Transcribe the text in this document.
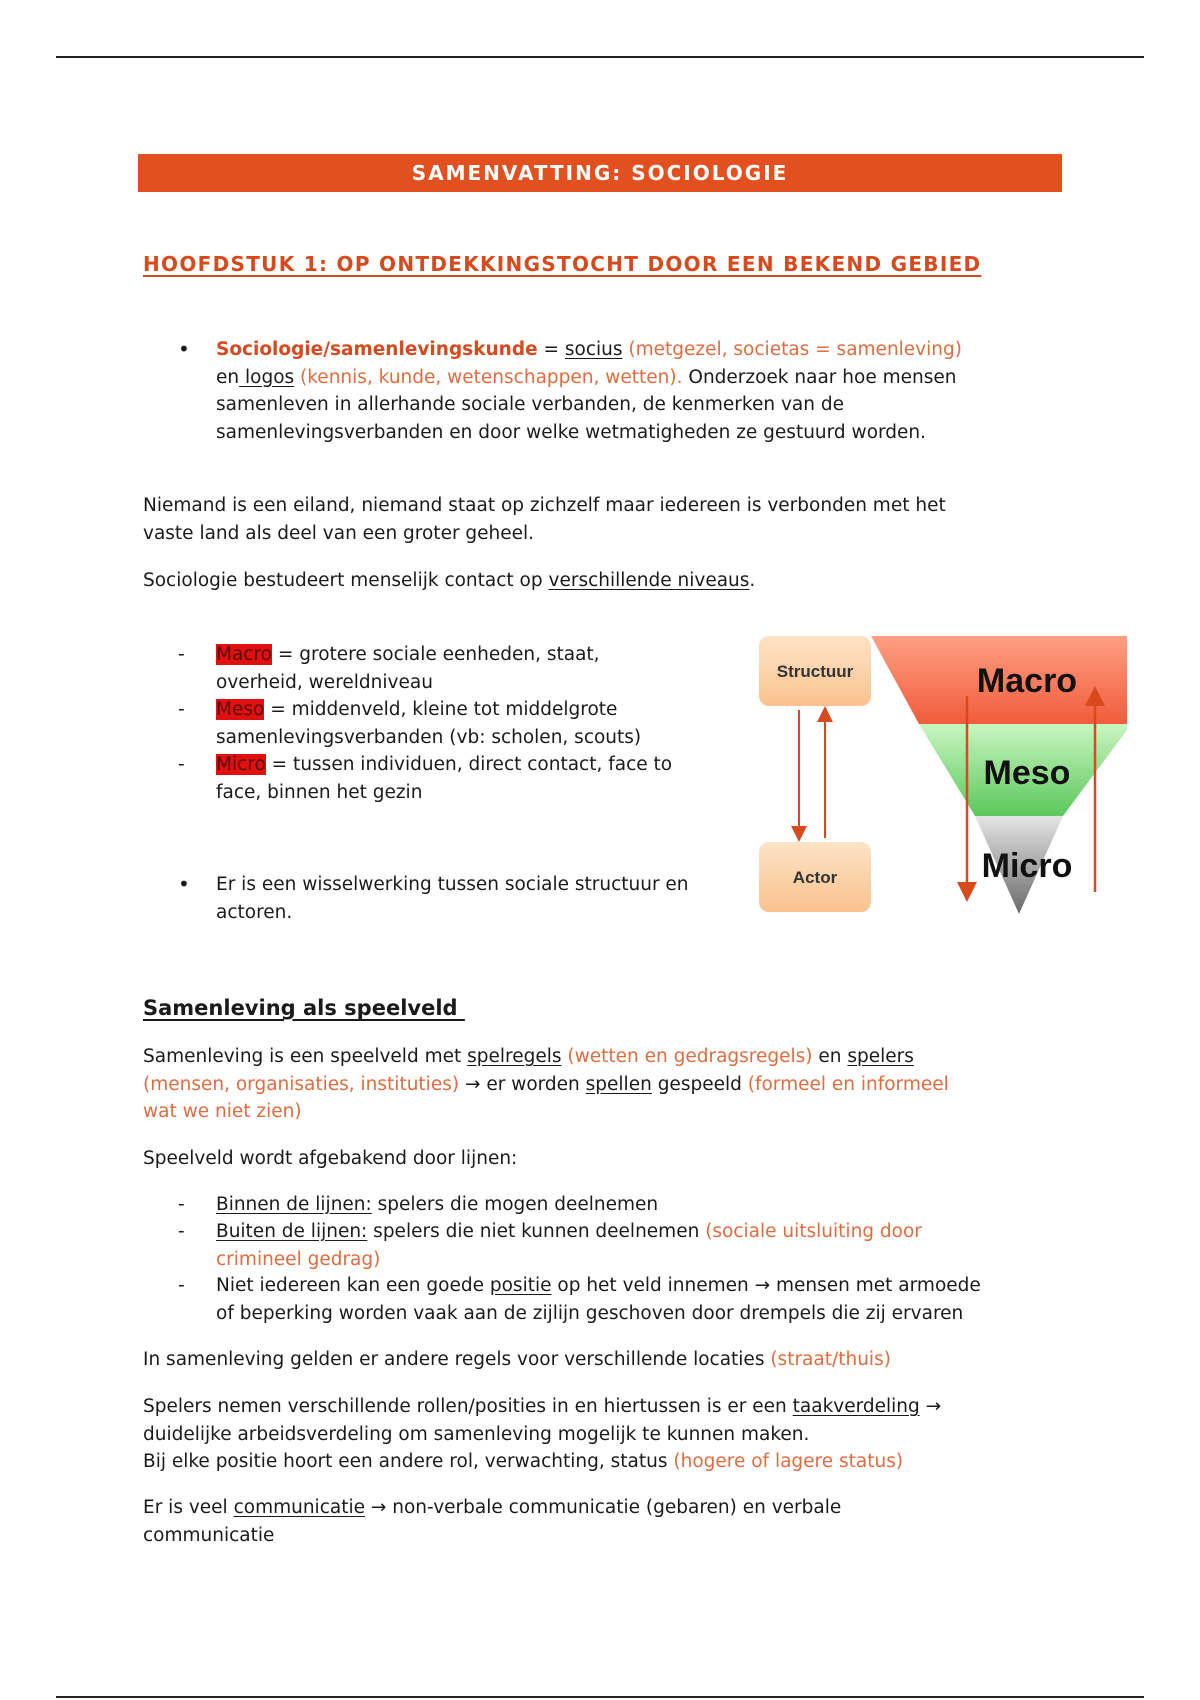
SAMENVATTING: SOCIOLOGIE
HOOFDSTUK 1: OP ONTDEKKINGSTOCHT DOOR EEN BEKEND GEBIED

• Sociologie/samenlevingskunde = socius (metgezel, societas = samenleving)

en logos (kennis, kunde, wetenschappen, wetten). Onderzoek naar hoe mensen

samenleven in allerhande sociale verbanden, de kenmerken van de

samenlevingsverbanden en door welke wetmatigheden ze gestuurd worden.

Niemand is een eiland, niemand staat op zichzelf maar iedereen is verbonden met het

vaste land als deel van een groter geheel.

Sociologie bestudeert menselijk contact op verschillende niveaus.

- Macro = grotere sociale eenheden, staat,

overheid, wereldniveau

- Meso = middenveld, kleine tot middelgrote

samenlevingsverbanden (vb: scholen, scouts)

- Micro = tussen individuen, direct contact, face to

face, binnen het gezin

• Er is een wisselwerking tussen sociale structuur en

actoren.

Structuur
Actor
Macro
Meso
Micro
Samenleving als speelveld

Samenleving is een speelveld met spelregels (wetten en gedragsregels) en spelers

(mensen, organisaties, instituties) → er worden spellen gespeeld (formeel en informeel

wat we niet zien)

Speelveld wordt afgebakend door lijnen:

- Binnen de lijnen: spelers die mogen deelnemen

- Buiten de lijnen: spelers die niet kunnen deelnemen (sociale uitsluiting door

crimineel gedrag)

- Niet iedereen kan een goede positie op het veld innemen → mensen met armoede

of beperking worden vaak aan de zijlijn geschoven door drempels die zij ervaren

In samenleving gelden er andere regels voor verschillende locaties (straat/thuis)

Spelers nemen verschillende rollen/posities in en hiertussen is er een taakverdeling →

duidelijke arbeidsverdeling om samenleving mogelijk te kunnen maken.

Bij elke positie hoort een andere rol, verwachting, status (hogere of lagere status)

Er is veel communicatie → non-verbale communicatie (gebaren) en verbale

communicatie
